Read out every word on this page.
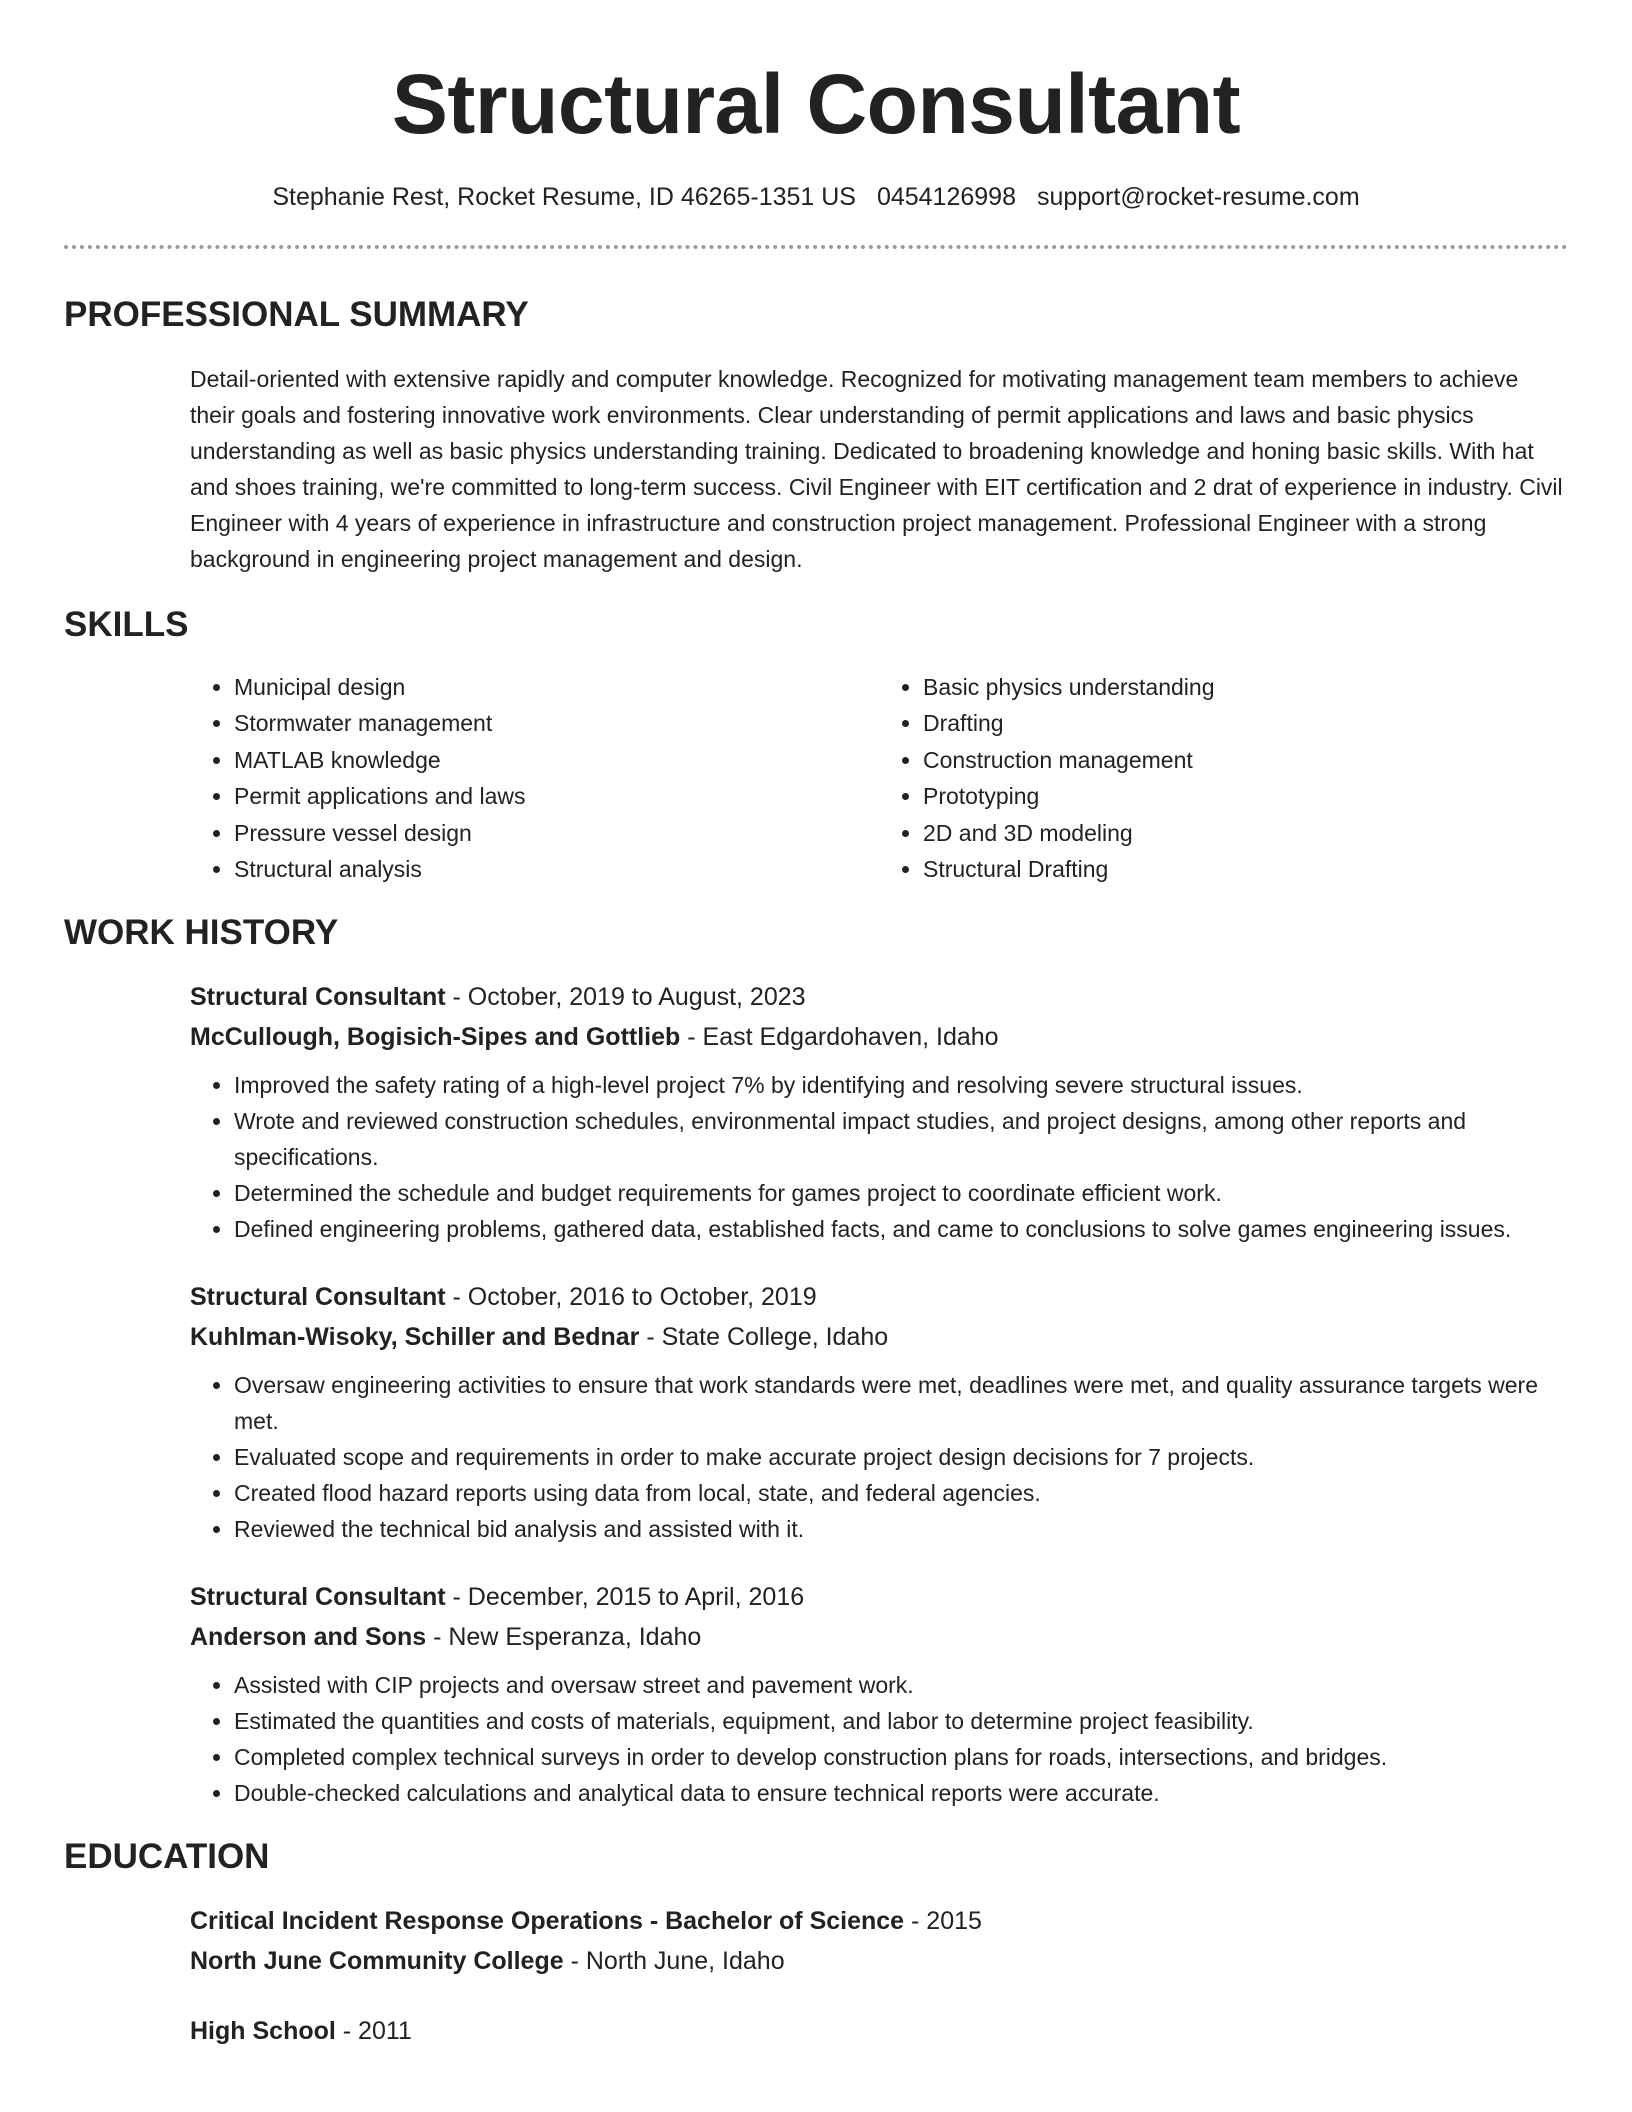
Structural Consultant
Stephanie Rest, Rocket Resume, ID 46265-1351 US 0454126998 support@rocket-resume.com
PROFESSIONAL SUMMARY

Detail-oriented with extensive rapidly and computer knowledge. Recognized for motivating management team members to achieve their goals and fostering innovative work environments. Clear understanding of permit applications and laws and basic physics understanding as well as basic physics understanding training. Dedicated to broadening knowledge and honing basic skills. With hat and shoes training, we're committed to long-term success. Civil Engineer with EIT certification and 2 drat of experience in industry. Civil Engineer with 4 years of experience in infrastructure and construction project management. Professional Engineer with a strong background in engineering project management and design.

SKILLS
• Municipal design
• Stormwater management
• MATLAB knowledge
• Permit applications and laws
• Pressure vessel design
• Structural analysis
• Basic physics understanding
• Drafting
• Construction management
• Prototyping
• 2D and 3D modeling
• Structural Drafting
WORK HISTORY
Structural Consultant - October, 2019 to August, 2023
McCullough, Bogisich-Sipes and Gottlieb - East Edgardohaven, Idaho
• Improved the safety rating of a high-level project 7% by identifying and resolving severe structural issues.
• Wrote and reviewed construction schedules, environmental impact studies, and project designs, among other reports and specifications.
• Determined the schedule and budget requirements for games project to coordinate efficient work.
• Defined engineering problems, gathered data, established facts, and came to conclusions to solve games engineering issues.
Structural Consultant - October, 2016 to October, 2019
Kuhlman-Wisoky, Schiller and Bednar - State College, Idaho
• Oversaw engineering activities to ensure that work standards were met, deadlines were met, and quality assurance targets were met.
• Evaluated scope and requirements in order to make accurate project design decisions for 7 projects.
• Created flood hazard reports using data from local, state, and federal agencies.
• Reviewed the technical bid analysis and assisted with it.
Structural Consultant - December, 2015 to April, 2016
Anderson and Sons - New Esperanza, Idaho
• Assisted with CIP projects and oversaw street and pavement work.
• Estimated the quantities and costs of materials, equipment, and labor to determine project feasibility.
• Completed complex technical surveys in order to develop construction plans for roads, intersections, and bridges.
• Double-checked calculations and analytical data to ensure technical reports were accurate.
EDUCATION
Critical Incident Response Operations - Bachelor of Science - 2015
North June Community College - North June, Idaho
High School - 2011
